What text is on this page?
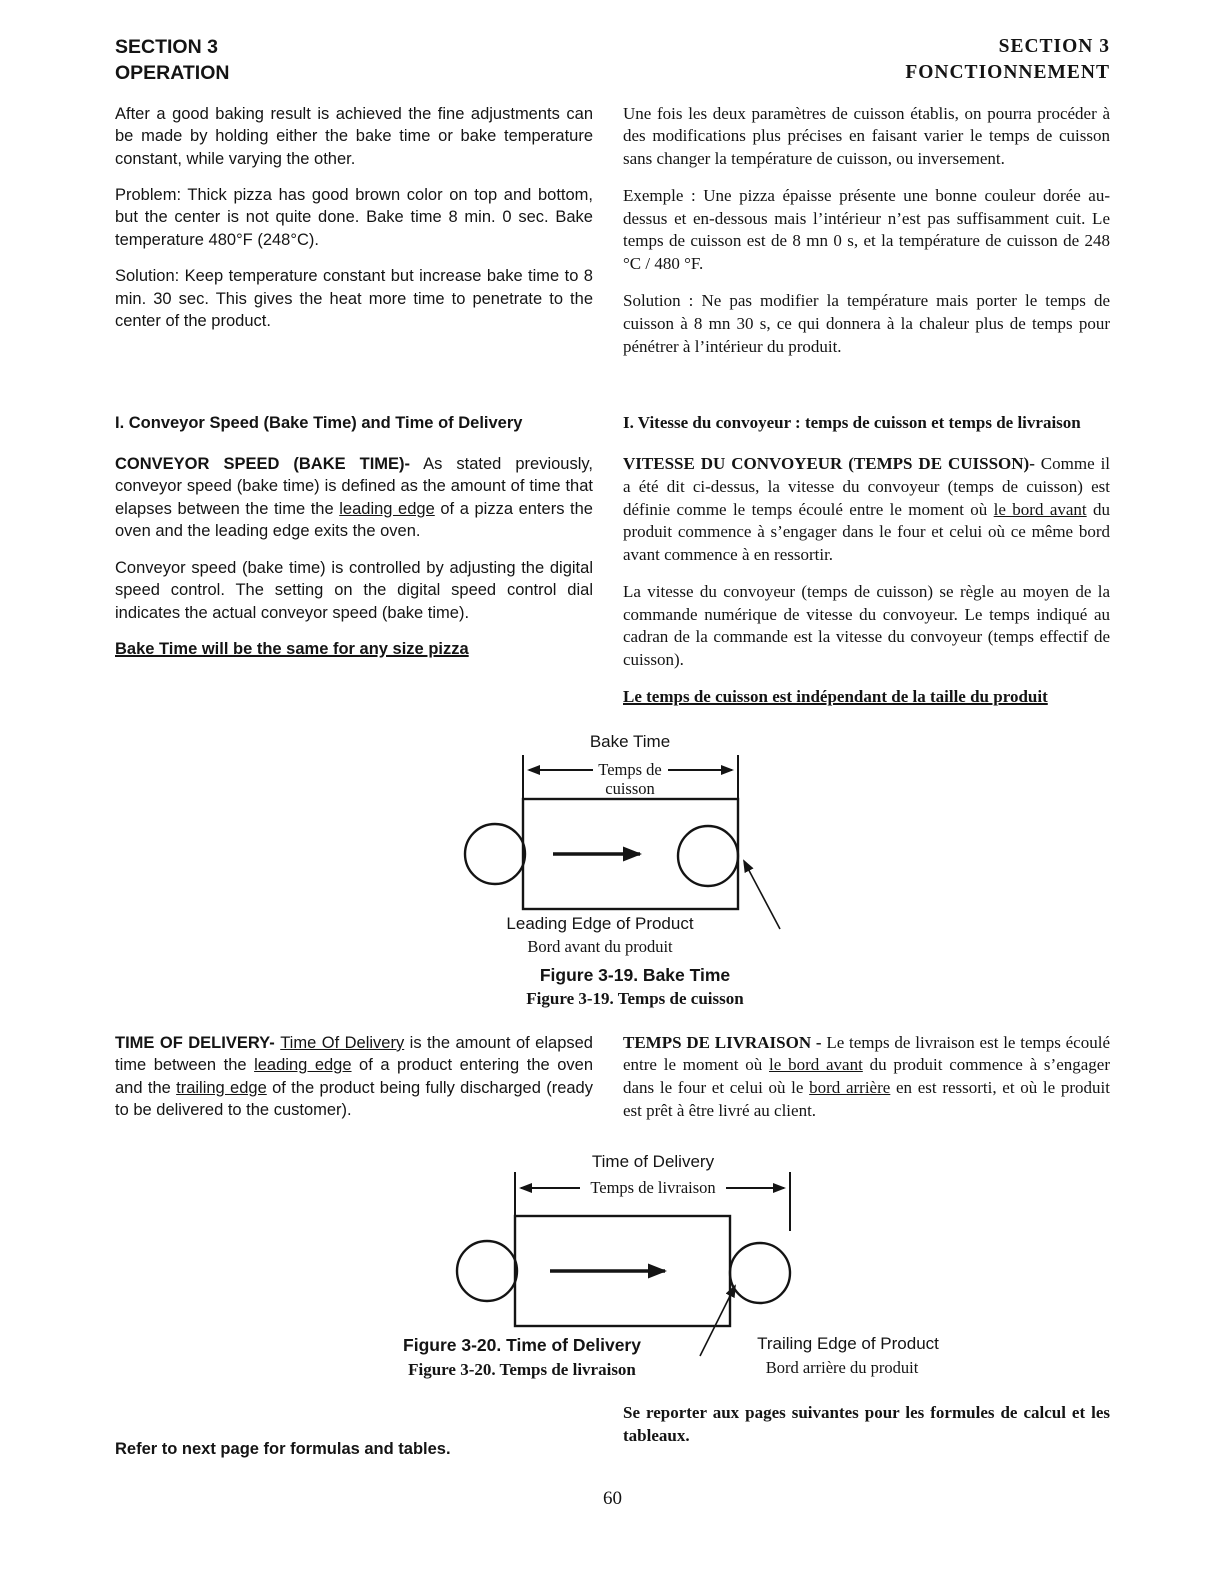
SECTION 3
OPERATION
SECTION 3
FONCTIONNEMENT

After a good baking result is achieved the fine adjustments can be made by holding either the bake time or bake temperature constant, while varying the other.

Problem: Thick pizza has good brown color on top and bottom, but the center is not quite done. Bake time 8 min. 0 sec. Bake temperature 480°F (248°C).

Solution: Keep temperature constant but increase bake time to 8 min. 30 sec. This gives the heat more time to penetrate to the center of the product.

Une fois les deux paramètres de cuisson établis, on pourra procéder à des modifications plus précises en faisant varier le temps de cuisson sans changer la température de cuisson, ou inversement.

Exemple : Une pizza épaisse présente une bonne couleur dorée au-dessus et en-dessous mais l’intérieur n’est pas suffisamment cuit. Le temps de cuisson est de 8 mn 0 s, et la température de cuisson de 248 °C / 480 °F.

Solution : Ne pas modifier la température mais porter le temps de cuisson à 8 mn 30 s, ce qui donnera à la chaleur plus de temps pour pénétrer à l’intérieur du produit.

I. Conveyor Speed (Bake Time) and Time of Delivery	I. Vitesse du convoyeur : temps de cuisson et temps de livraison

CONVEYOR SPEED (BAKE TIME)- As stated previously, conveyor speed (bake time) is defined as the amount of time that elapses between the time the leading edge of a pizza enters the oven and the leading edge exits the oven.

Conveyor speed (bake time) is controlled by adjusting the digital speed control. The setting on the digital speed control dial indicates the actual conveyor speed (bake time).

Bake Time will be the same for any size pizza

VITESSE DU CONVOYEUR (TEMPS DE CUISSON)- Comme il a été dit ci-dessus, la vitesse du convoyeur (temps de cuisson) est définie comme le temps écoulé entre le moment où le bord avant du produit commence à s’engager dans le four et celui où ce même bord avant commence à en ressortir.

La vitesse du convoyeur (temps de cuisson) se règle au moyen de la commande numérique de vitesse du convoyeur. Le temps indiqué au cadran de la commande est la vitesse du convoyeur (temps effectif de cuisson).

Le temps de cuisson est indépendant de la taille du produit
Bake Time
Temps de
cuisson
Leading Edge of Product
Bord avant du produit
Figure 3-19. Bake Time
Figure 3-19. Temps de cuisson

TIME OF DELIVERY- Time Of Delivery is the amount of elapsed time between the leading edge of a product entering the oven and the trailing edge of the product being fully discharged (ready to be delivered to the customer).

TEMPS DE LIVRAISON - Le temps de livraison est le temps écoulé entre le moment où le bord avant du produit commence à s’engager dans le four et celui où le bord arrière en est ressorti, et où le produit est prêt à être livré au client.

Time of Delivery
Temps de livraison
Figure 3-20. Time of Delivery
Figure 3-20. Temps de livraison
Trailing Edge of Product
Bord arrière du produit
Refer to next page for formulas and tables.
Se reporter aux pages suivantes pour les formules de calcul et les tableaux.
60
